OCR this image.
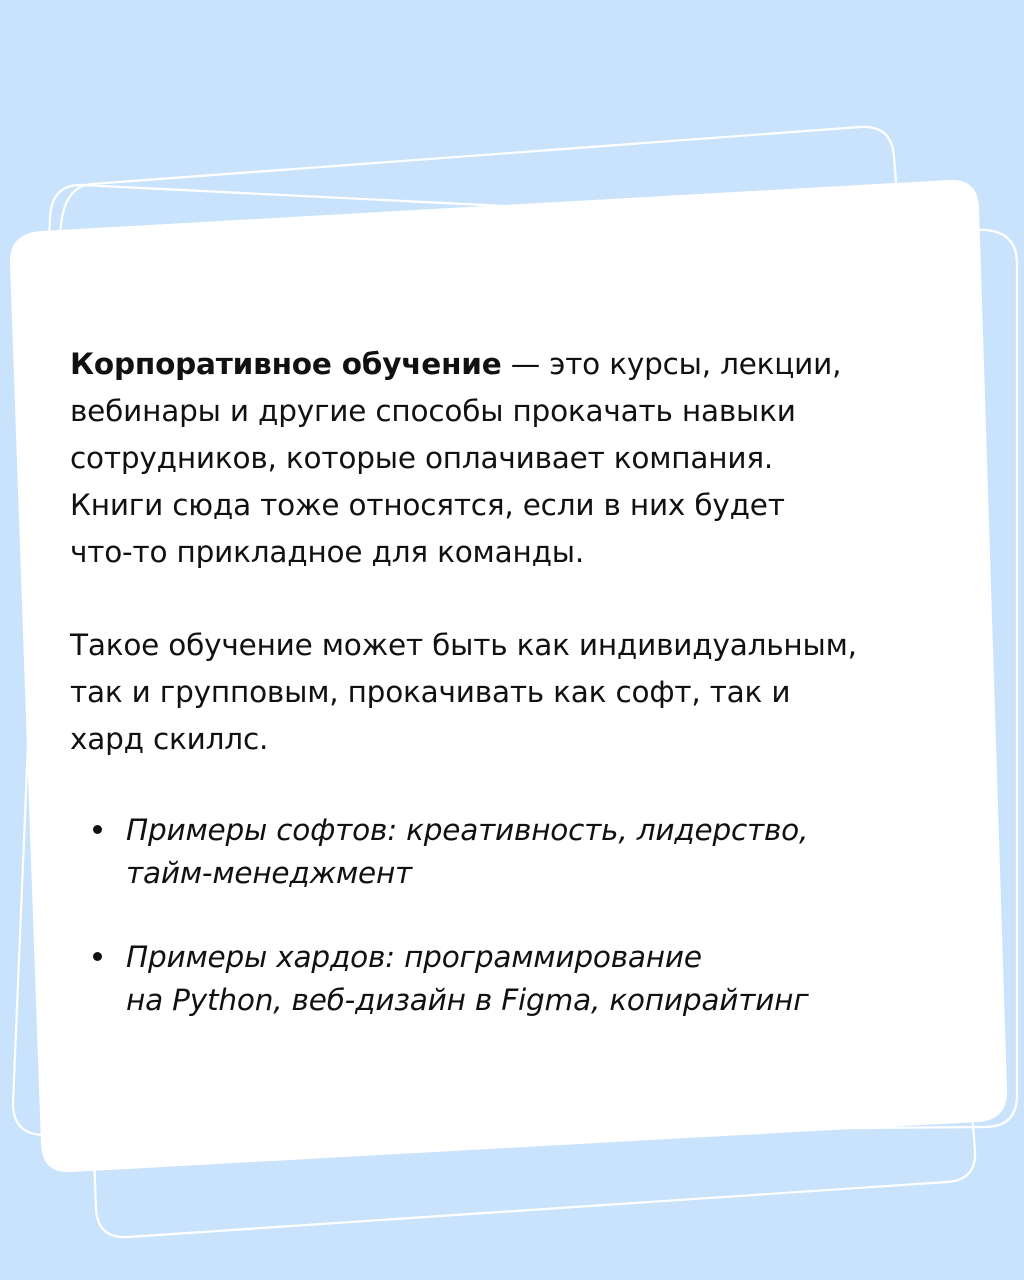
Корпоративное обучение — это курсы, лекции,
вебинары и другие способы прокачать навыки
сотрудников, которые оплачивает компания.
Книги сюда тоже относятся, если в них будет
что-то прикладное для команды.

Такое обучение может быть как индивидуальным,
так и групповым, прокачивать как софт, так и
хард скиллс.

Примеры софтов: креативность, лидерство,
тайм-менеджмент
Примеры хардов: программирование
на Python, веб-дизайн в Figma, копирайтинг
